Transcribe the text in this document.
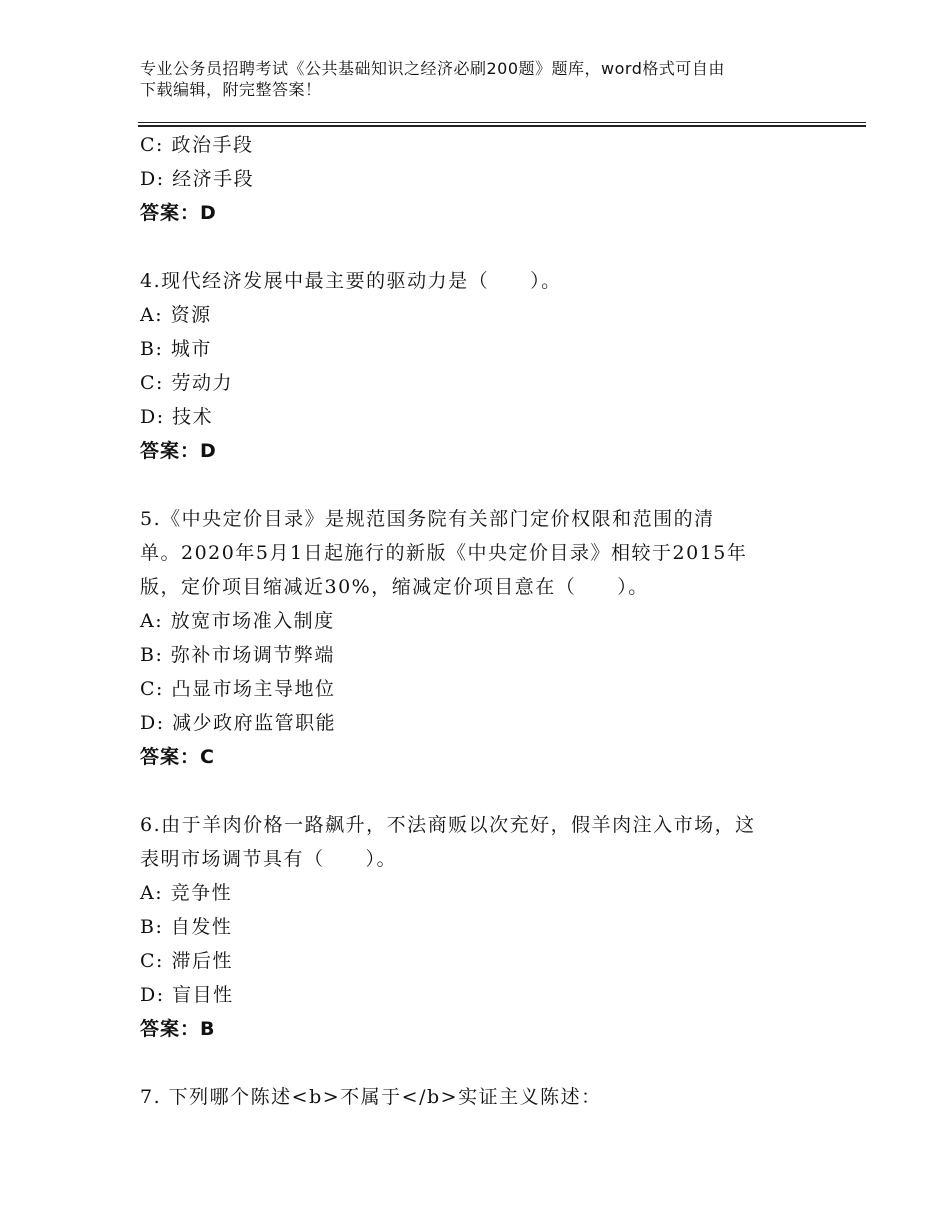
专业公务员招聘考试《公共基础知识之经济必刷200题》题库，word格式可自由
下载编辑，附完整答案！
C: 政治手段
D: 经济手段
答案：D
4.现代经济发展中最主要的驱动力是（　　）。
A: 资源
B: 城市
C: 劳动力
D: 技术
答案：D
5.《中央定价目录》是规范国务院有关部门定价权限和范围的清
单。2020年5月1日起施行的新版《中央定价目录》相较于2015年
版，定价项目缩减近30%，缩减定价项目意在（　　）。
A: 放宽市场准入制度
B: 弥补市场调节弊端
C: 凸显市场主导地位
D: 减少政府监管职能
答案：C
6.由于羊肉价格一路飙升，不法商贩以次充好，假羊肉注入市场，这
表明市场调节具有（　　）。
A: 竞争性
B: 自发性
C: 滞后性
D: 盲目性
答案：B
7. 下列哪个陈述<b>不属于</b>实证主义陈述：
